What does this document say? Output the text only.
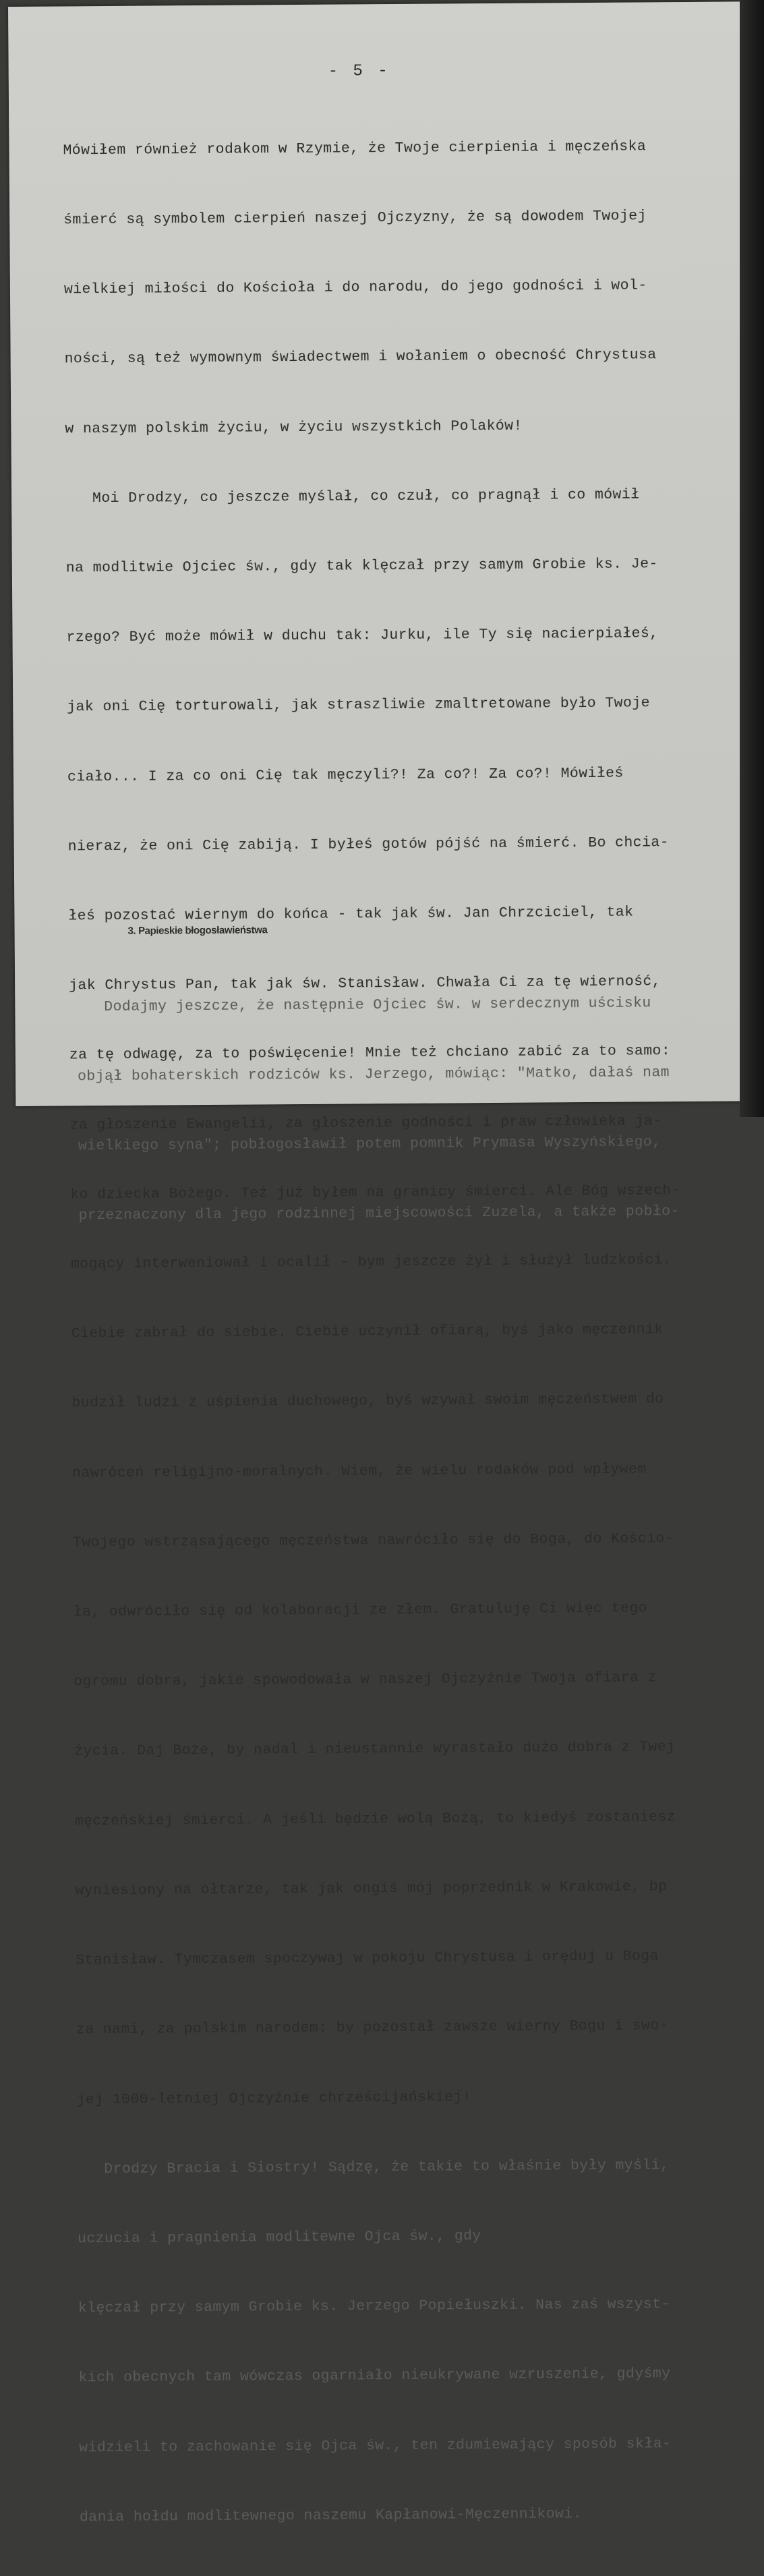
- 5 -

Mówiłem również rodakom w Rzymie, że Twoje cierpienia i męczeńska

śmierć są symbolem cierpień naszej Ojczyzny, że są dowodem Twojej

wielkiej miłości do Kościoła i do narodu, do jego godności i wol-

ności, są też wymownym świadectwem i wołaniem o obecność Chrystusa

w naszym polskim życiu, w życiu wszystkich Polaków!

Moi Drodzy, co jeszcze myślał, co czuł, co pragnął i co mówił

na modlitwie Ojciec św., gdy tak klęczał przy samym Grobie ks. Je-

rzego? Być może mówił w duchu tak: Jurku, ile Ty się nacierpiałeś,

jak oni Cię torturowali, jak straszliwie zmaltretowane było Twoje

ciało... I za co oni Cię tak męczyli?! Za co?! Za co?! Mówiłeś

nieraz, że oni Cię zabiją. I byłeś gotów pójść na śmierć. Bo chcia-

łeś pozostać wiernym do końca - tak jak św. Jan Chrzciciel, tak

jak Chrystus Pan, tak jak św. Stanisław. Chwała Ci za tę wierność,

za tę odwagę, za to poświęcenie! Mnie też chciano zabić za to samo:

za głoszenie Ewangelii, za głoszenie godności i praw człowieka ja-

ko dziecka Bożego. Też już byłem na granicy śmierci. Ale Bóg wszech-

mogący interweniował i ocalił - bym jeszcze żył i służył ludzkości.

Ciebie zabrał do siebie. Ciebie uczynił ofiarą, byś jako męczennik

budził ludzi z uśpienia duchowego, byś wzywał swoim męczeństwem do

nawróceń religijno-moralnych. Wiem, że wielu rodaków pod wpływem

Twojego wstrząsającego męczeństwa nawróciło się do Boga, do Kościo-

ła, odwróciło się od kolaboracji ze złem. Gratuluję Ci więc tego

ogromu dobra, jakie spowodowała w naszej Ojczyźnie Twoja ofiara z

życia. Daj Boże, by nadal i nieustannie wyrastało dużo dobra z Twej

męczeńskiej śmierci. A jeśli będzie wolą Bożą, to kiedyś zostaniesz

wyniesiony na ołtarze, tak jak ongiś mój poprzednik w Krakowie, bp

Stanisław. Tymczasem spoczywaj w pokoju Chrystusa i oręduj u Boga

za nami, za polskim narodem: by pozostał zawsze wierny Bogu i swo-

jej 1000-letniej Ojczyźnie chrześcijańskiej!

Drodzy Bracia i Siostry! Sądzę, że takie to właśnie były myśli,

uczucia i pragnienia modlitewne Ojca św., gdy

klęczał przy samym Grobie ks. Jerzego Popiełuszki. Nas zaś wszyst-

kich obecnych tam wówczas ogarniało nieukrywane wzruszenie, gdyśmy

widzieli to zachowanie się Ojca św., ten zdumiewający sposób skła-

dania hołdu modlitewnego naszemu Kapłanowi-Męczennikowi.

3. Papieskie błogosławieństwa

Dodajmy jeszcze, że następnie Ojciec św. w serdecznym uścisku

objął bohaterskich rodziców ks. Jerzego, mówiąc: "Matko, dałaś nam

wielkiego syna"; pobłogosławił potem pomnik Prymasa Wyszyńskiego,

przeznaczony dla jego rodzinnej miejscowości Zuzela, a także pobło-
